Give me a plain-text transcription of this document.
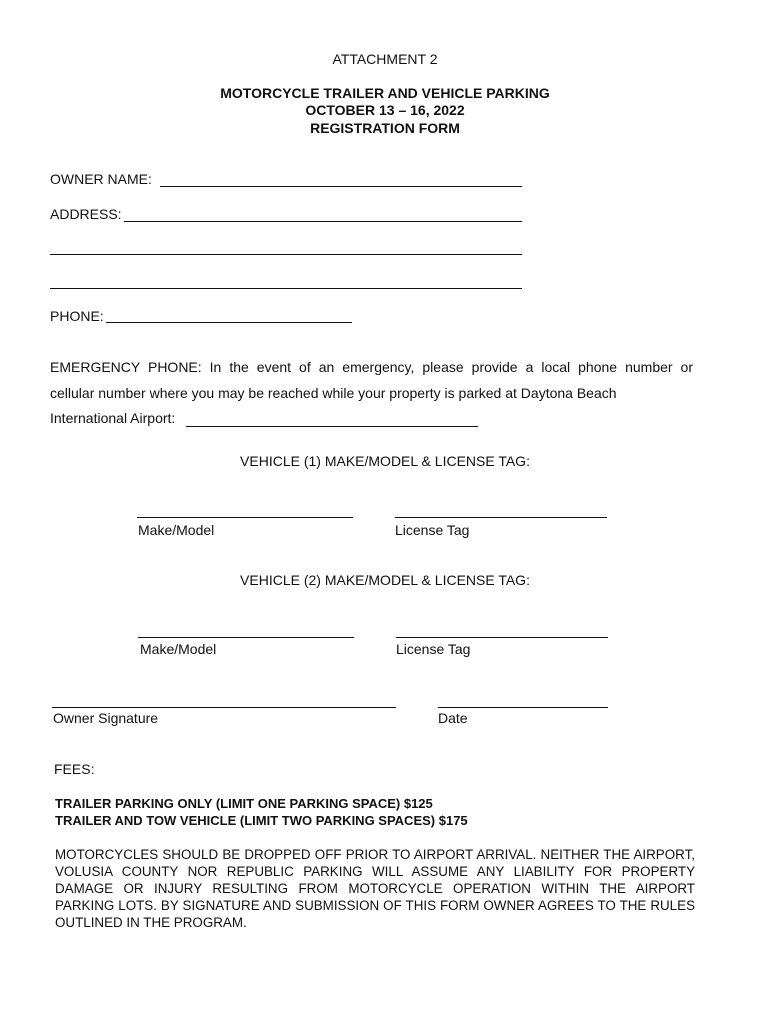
ATTACHMENT 2
MOTORCYCLE TRAILER AND VEHICLE PARKING
OCTOBER 13 – 16, 2022
REGISTRATION FORM
OWNER NAME:
ADDRESS:
PHONE:
EMERGENCY PHONE: In the event of an emergency, please provide a local phone number or
cellular number where you may be reached while your property is parked at Daytona Beach
International Airport:
VEHICLE (1) MAKE/MODEL & LICENSE TAG:
Make/Model	License Tag
VEHICLE (2) MAKE/MODEL & LICENSE TAG:
Make/Model	License Tag
Owner Signature	Date
FEES:
TRAILER PARKING ONLY (LIMIT ONE PARKING SPACE) $125
TRAILER AND TOW VEHICLE (LIMIT TWO PARKING SPACES) $175
MOTORCYCLES SHOULD BE DROPPED OFF PRIOR TO AIRPORT ARRIVAL. NEITHER THE AIRPORT, VOLUSIA COUNTY NOR REPUBLIC PARKING WILL ASSUME ANY LIABILITY FOR PROPERTY DAMAGE OR INJURY RESULTING FROM MOTORCYCLE OPERATION WITHIN THE AIRPORT PARKING LOTS. BY SIGNATURE AND SUBMISSION OF THIS FORM OWNER AGREES TO THE RULES OUTLINED IN THE PROGRAM.
